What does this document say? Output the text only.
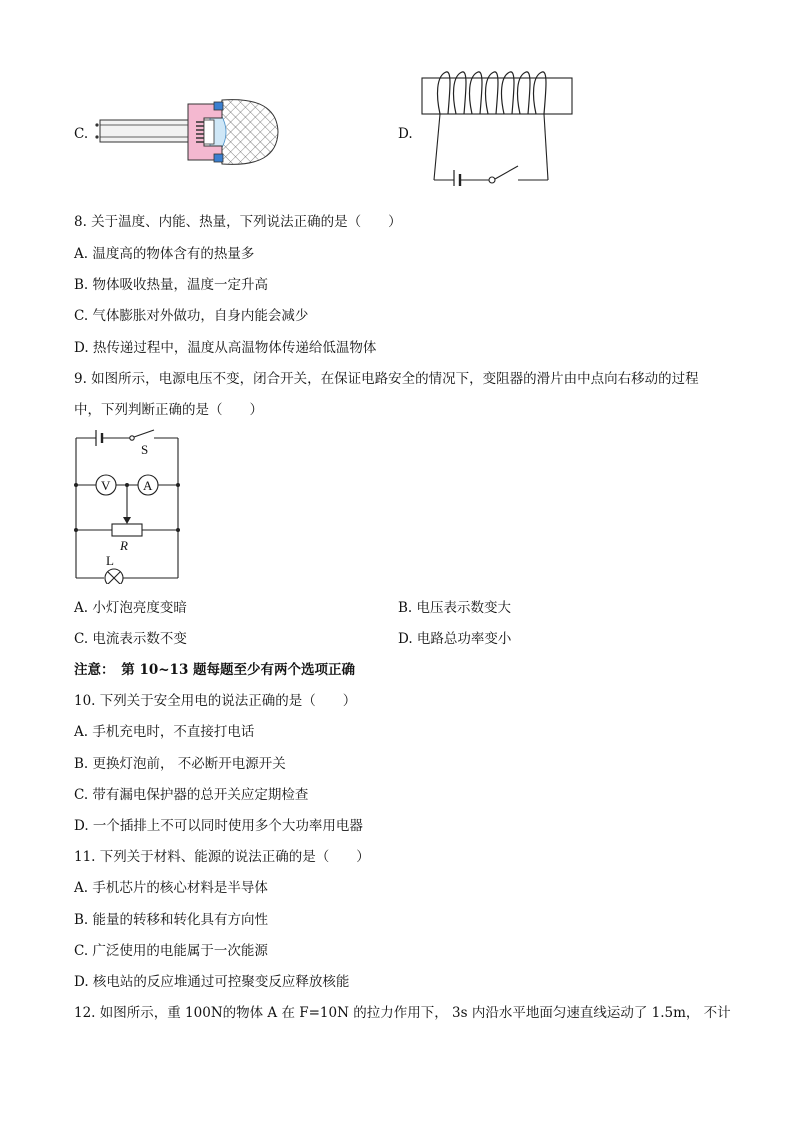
C.	D.
8. 关于温度、内能、热量，下列说法正确的是（　　）
A. 温度高的物体含有的热量多
B. 物体吸收热量，温度一定升高
C. 气体膨胀对外做功，自身内能会减少
D. 热传递过程中，温度从高温物体传递给低温物体
9. 如图所示，电源电压不变，闭合开关，在保证电路安全的情况下，变阻器的滑片由中点向右移动的过程
中，下列判断正确的是（　　）
S
V	A
R
L
A. 小灯泡亮度变暗	B. 电压表示数变大
C. 电流表示数不变	D. 电路总功率变小
注意：　第 10~13 题每题至少有两个选项正确
10. 下列关于安全用电的说法正确的是（　　）
A. 手机充电时，不直接打电话
B. 更换灯泡前， 不必断开电源开关
C. 带有漏电保护器的总开关应定期检查
D. 一个插排上不可以同时使用多个大功率用电器
11. 下列关于材料、能源的说法正确的是（　　）
A. 手机芯片的核心材料是半导体
B. 能量的转移和转化具有方向性
C. 广泛使用的电能属于一次能源
D. 核电站的反应堆通过可控聚变反应释放核能
12. 如图所示，重 100N的物体 A 在 F=10N 的拉力作用下， 3s 内沿水平地面匀速直线运动了 1.5m， 不计
